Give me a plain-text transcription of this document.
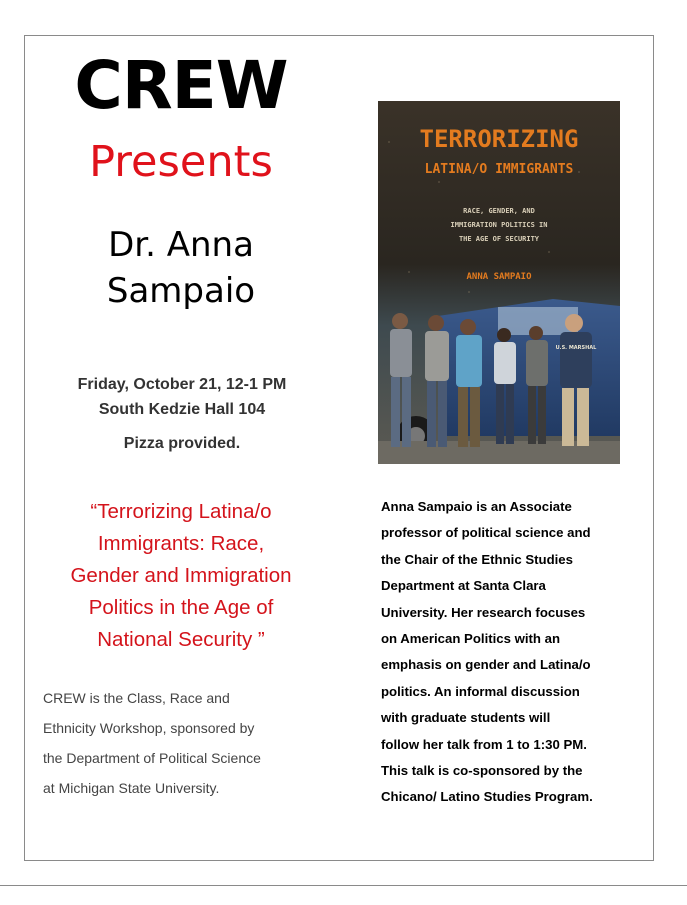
CREW
Presents
Dr. Anna
Sampaio
Friday, October 21, 12-1 PM
South Kedzie Hall 104
Pizza provided.
“Terrorizing Latina/o
Immigrants: Race,
Gender and Immigration
Politics in the Age of
National Security ”
CREW is the Class, Race and
Ethnicity Workshop, sponsored by
the Department of Political Science
at Michigan State University.
TERRORIZING
LATINA/O IMMIGRANTS
RACE, GENDER, AND
IMMIGRATION POLITICS IN
THE AGE OF SECURITY
ANNA SAMPAIO
U.S. MARSHAL
Anna Sampaio is an Associate
professor of political science and
the Chair of the Ethnic Studies
Department at Santa Clara
University. Her research focuses
on American Politics with an
emphasis on gender and Latina/o
politics. An informal discussion
with graduate students will
follow her talk from 1 to 1:30 PM.
This talk is co-sponsored by the
Chicano/ Latino Studies Program.
